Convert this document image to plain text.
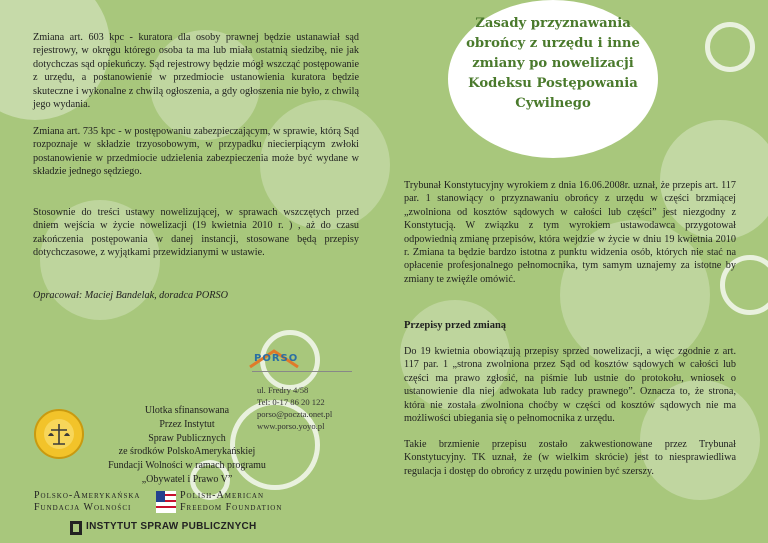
Zmiana art. 603 kpc - kuratora dla osoby prawnej będzie ustanawiał sąd rejestrowy, w okręgu którego osoba ta ma lub miała ostatnią siedzibę, nie jak dotychczas sąd opiekuńczy. Sąd rejestrowy będzie mógł wszcząć postępowanie z urzędu, a postanowienie w przedmiocie ustanowienia kuratora będzie skuteczne i wykonalne z chwilą ogłoszenia, a gdy ogłoszenia nie było, z chwilą jego wydania.
Zmiana art. 735 kpc - w postępowaniu zabezpieczającym, w sprawie, którą Sąd rozpoznaje w składzie trzyosobowym, w przypadku niecierpiącym zwłoki postanowienie w przedmiocie udzielenia zabezpieczenia może być wydane w składzie jednego sędziego.
Stosownie do treści ustawy nowelizującej, w sprawach wszczętych przed dniem wejścia w życie nowelizacji (19 kwietnia 2010 r. ) , aż do czasu zakończenia postępowania w danej instancji, stosowane będą przepisy dotychczasowe, z wyjątkami przewidzianymi w ustawie.
Opracował: Maciej Bandelak, doradca PORSO
PORSO
ul. Fredry 4/58
Tel: 0-17 86 20 122
porso@poczta.onet.pl
www.porso.yoyo.pl
Ulotka sfinansowana
Przez Instytut
Spraw Publicznych
ze środków PolskoAmerykańskiej
Fundacji Wolności w ramach programu
„Obywatel i Prawo V”
Polsko-Amerykańska
Fundacja Wolności
Polish-American
Freedom Foundation
INSTYTUT SPRAW PUBLICZNYCH
Zasady przyznawania obrońcy z urzędu i inne zmiany po nowelizacji Kodeksu Postępowania Cywilnego
Trybunał Konstytucyjny wyrokiem z dnia 16.06.2008r. uznał, że przepis art. 117 par. 1 stanowiący o przyznawaniu obrońcy z urzędu w części brzmiącej „zwolniona od kosztów sądowych w całości lub części” jest niezgodny z Konstytucją. W związku z tym wyrokiem ustawodawca przygotował odpowiednią zmianę przepisów, która wejdzie w życie w dniu 19 kwietnia 2010 r. Zmiana ta będzie bardzo istotna z punktu widzenia osób, których nie stać na opłacenie profesjonalnego pełnomocnika, tym samym uznajemy za istotne by zmiany te zwięźle omówić.
Przepisy przed zmianą
Do 19 kwietnia obowiązują przepisy sprzed nowelizacji, a więc zgodnie z art. 117 par. 1 „strona zwolniona przez Sąd od kosztów sądowych w całości lub części ma prawo zgłosić, na piśmie lub ustnie do protokołu, wniosek o ustanowienie dla niej adwokata lub radcy prawnego”. Oznacza to, że strona, która nie została zwolniona choćby w części od kosztów sądowych nie ma możliwości ubiegania się o pełnomocnika z urzędu.
Takie brzmienie przepisu zostało zakwestionowane przez Trybunał Konstytucyjny. TK uznał, że (w wielkim skrócie) jest to niesprawiedliwa regulacja i dostęp do obrońcy z urzędu powinien być szerszy.
